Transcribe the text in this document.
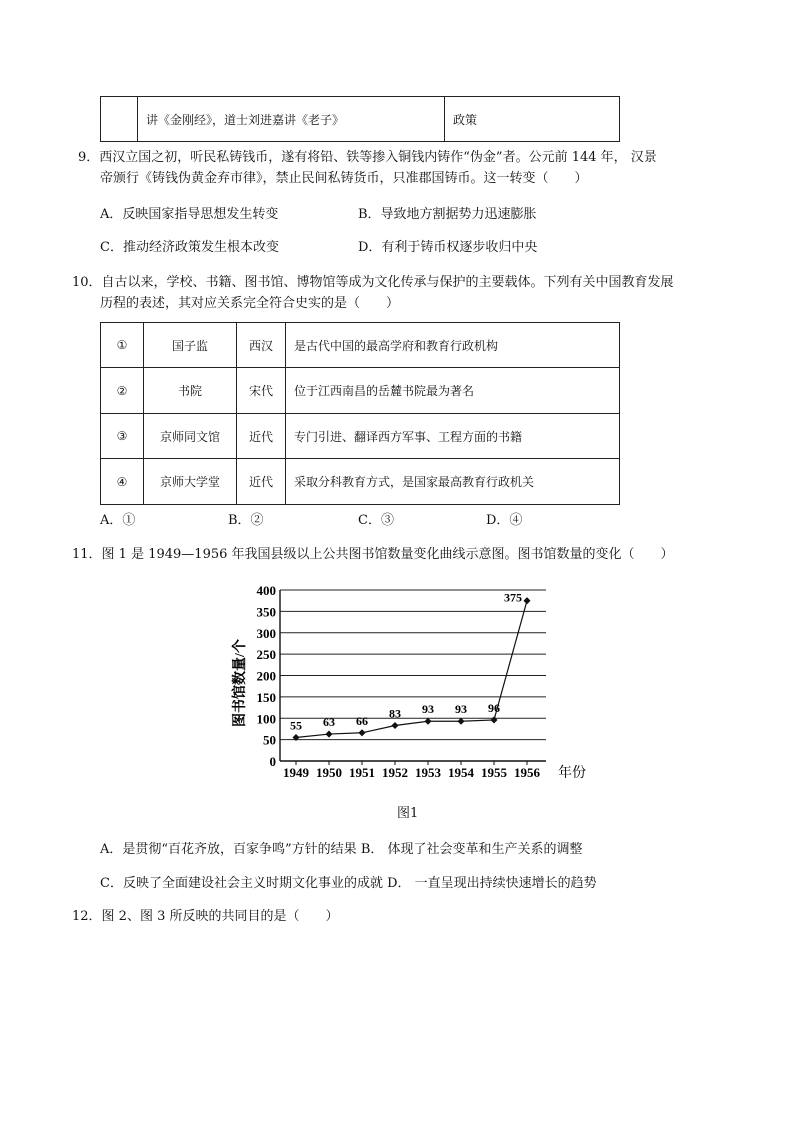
	讲《金刚经》，道士刘进嘉讲《老子》	政策
9．西汉立国之初，听民私铸钱币，遂有将铅、铁等掺入铜钱内铸作“伪金”者。公元前 144 年， 汉景
帝颁行《铸钱伪黄金弃市律》，禁止民间私铸货币，只准郡国铸币。这一转变（　　）
A．反映国家指导思想发生转变	B．导致地方割据势力迅速膨胀
C．推动经济政策发生根本改变	D．有利于铸币权逐步收归中央
10．自古以来，学校、书籍、图书馆、博物馆等成为文化传承与保护的主要载体。下列有关中国教育发展
历程的表述，其对应关系完全符合史实的是（　　）
①	国子监	西汉	是古代中国的最高学府和教育行政机构
②	书院	宋代	位于江西南昌的岳麓书院最为著名
③	京师同文馆	近代	专门引进、翻译西方军事、工程方面的书籍
④	京师大学堂	近代	采取分科教育方式，是国家最高教育行政机关
A．①	B．②	C．③	D．④
11．图 1 是 1949—1956 年我国县级以上公共图书馆数量变化曲线示意图。图书馆数量的变化（　　）
0
50
100
150
200
250
300
350
400
1949 1950 1951 1952 1953 1954 1955 1956
55 63 66
83 93 93 96
375
图书馆数量/个
年份
图1
A．是贯彻“百花齐放，百家争鸣”方针的结果 B． 体现了社会变革和生产关系的调整
C．反映了全面建设社会主义时期文化事业的成就 D． 一直呈现出持续快速增长的趋势
12．图 2、图 3 所反映的共同目的是（　　）
